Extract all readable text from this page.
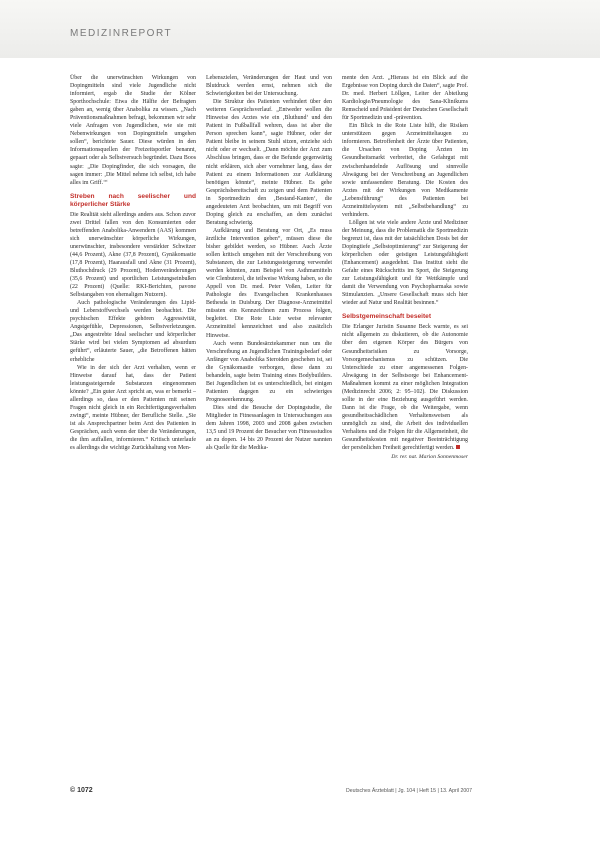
MEDIZINREPORT

Über die unerwünschten Wirkungen von Dopingmitteln sind viele Jugendliche nicht informiert, ergab die Studie der Kölner Sporthochschule: Etwa die Hälfte der Befragten gaben an, wenig über Anabolika zu wissen. „Nach Präventionsmaßnahmen befragt, bekommen wir sehr viele Anfragen von Jugendlichen, wie sie mit Nebenwirkungen von Dopingmitteln umgehen sollen“, berichtete Sauer. Diese würden in den Informationsquellen der Freizeitsportler benannt, gepaart oder als Selbstversuch begründet. Dazu Boos sagte: „Die Dopingfinder, die sich vorsagen, die sagen immer: ‚Die Mittel nehme ich selbst, ich habe alles im Griff.‘“

Streben nach seelischer und körperlicher Stärke

Die Realität sieht allerdings anders aus. Schon zuvor zwei Drittel fallen von den Konsumierten oder betreffenden Anabolika-Anwendern (AAS) kommen sich unerwünschter körperliche Wirkungen, unerwünschter, insbesondere verstärkter Schwitzer (44,6 Prozent), Akne (37,8 Prozent), Gynäkomastie (17,8 Prozent), Haarausfall und Akne (31 Prozent), Bluthochdruck (29 Prozent), Hodenveränderungen (35,6 Prozent) und sportlichen Leistungseinbußen (22 Prozent) (Quelle: RKI-Berichten, pavone Selbstangaben von ehemaligen Nutzern).

Auch pathologische Veränderungen des Lipid- und Leberstoffwechsels werden beobachtet. Die psychischen Effekte gehören Aggressivität, Angstgefühle, Depressionen, Selbstverletzungen. „Das angestrebte Ideal seelischer und körperlicher Stärke wird bei vielen Symptomen ad absurdum geführt“, erläuterte Sauer, „die Betroffenen hätten erhebliche

Wie in der sich der Arzt verhalten, wenn er Hinweise darauf hat, dass der Patient leistungssteigernde Substanzen eingenommen könnte? „Ein guter Arzt spricht an, was er bemerkt – allerdings so, dass er den Patienten mit seinen Fragen nicht gleich in ein Rechtfertigungsverhalten zwingt“, meinte Hübner, der Berufliche Stelle. „Sie ist als Ansprechpartner beim Arzt des Patienten in Gesprächen, auch wenn der über die Veränderungen, die ihm auffallen, informieren.“ Kritisch unterlaufe es allerdings die wichtige Zurückhaltung von Men-

Lebenszielen, Veränderungen der Haut und von Blutdruck werden ernst, nehmen sich die Schwierigkeiten bei der Untersuchung.

Die Struktur des Patienten verhindert über den weiteren Gesprächsverlauf. „Entweder wollen die Hinweise des Arztes wie ein ‚Bluthund‘ und den Patient in Fußballfall wehren, dass ist aber die Person sprechen kann“, sagte Hübner, oder der Patient bleibe in seinem Stuhl sitzen, entziehe sich nicht oder er wechselt. „Dann möchte der Arzt zum Abschluss bringen, dass er die Befunde gegenwärtig nicht erklären, sich aber vornehmer lang, dass der Patient zu einem Informationen zur Aufklärung benötigen könnte“, meinte Hübner. Es gehe Gesprächsbereitschaft zu zeigen und dem Patienten in Sportmedizin den ‚Bestand-Kanten‘, die angedeuteten Arzt beobachten, um mit Begriff von Doping gleich zu erschaffen, an dem zunächst Beratung schwierig.

Aufklärung und Beratung vor Ort, „Es muss ärztliche Intervention geben“, müssen diese die bisher gebildet werden, so Hübner. Auch Ärzte sollen kritisch umgehen mit der Verschreibung von Substanzen, die zur Leistungssteigerung verwendet werden könnten, zum Beispiel von Asthmamitteln wie Clenbuterol, die teilweise Wirkung haben, so die Appell von Dr. med. Peter Voßen, Leiter für Pathologie des Evangelischen Krankenhauses Bethesda in Duisburg. Der Diagnose-Arzneimittel müssten ein Kennzeichnen zum Prozess folgen, begleitet. Die Rote Liste weise relevanter Arzneimittel kennzeichnet und also zusätzlich Hinweise.

Auch wenn Bundesärztekammer nun um die Verschreibung an Jugendlichen Trainingsbedarf oder Anfänger von Anabolika Steroiden geschehen ist, sei die Gynäkomastie verborgen, diese dann zu behandeln, sagte beim Training eines Bodybuilders. Bei Jugendlichen ist es unterschiedlich, bei einigen Patienten dagegen zu ein schwieriges Prognoseerkennung.

Dies sind die Besuche der Dopingstudie, die Mitglieder in Fitnessanlagen in Untersuchungen aus dem Jahren 1998, 2003 und 2008 gaben zwischen 13,5 und 19 Prozent der Besucher von Fitnessstudios an zu dopen. 14 bis 20 Prozent der Nutzer nannten als Quelle für die Medika-

mente den Arzt. „Hieraus ist ein Blick auf die Ergebnisse von Doping durch die Daten“, sagte Prof. Dr. med. Herbert Löllgen, Leiter der Abteilung Kardiologie/Pneumologie des Sana-Klinikums Remscheid und Präsident der Deutschen Gesellschaft für Sportmedizin und -prävention.

Ein Blick in die Rote Liste hilft, die Risiken unterstützen gegen Arzneimitteltaugen zu informieren. Betroffenheit der Ärzte über Patienten, die Ursachen von Doping Ärzten im Gesundheitsmarkt verbreitet, die Gefahrgut mit zwischenhandelnde Auflösung und sinnvolle Abwägung bei der Verschreibung an Jugendlichen sowie umfassendere Beratung. Die Kosten des Arztes mit der Wirkungen von Medikamente „Lebensführung“ des Patienten bei Arzneimittelsystem mit „Selbstbehandlung“ zu verhindern.

Löllgen ist wie viele andere Ärzte und Mediziner der Meinung, dass die Problematik die Sportmedizin begrenzt ist, dass mit der tatsächlichen Dosis bei der Dopingtiefe „Selbstoptimierung“ zur Steigerung der körperlichen oder geistigen Leistungsfähigkeit (Enhancement) ausgedehnt. Das Institut sieht die Gefahr eines Rückschritts im Sport, die Steigerung zur Leistungsfähigkeit und für Wettkämpfe und damit die Verwendung von Psychopharmaka sowie Stimulanzien. „Unsere Gesellschaft muss sich hier wieder auf Natur und Realität besinnen.“

Selbstgemeinschaft beseitet

Die Erlanger Juristin Susanne Beck warnte, es sei nicht allgemein zu diskutieren, ob die Autonomie über den eigenen Körper des Bürgers von Gesundheitsrisiken zu Vorsorge, Vorsorgemechanismus zu schützen. Die Unterschiede zu einer angemessenen Folgen-Abwägung in der Selbstsorge bei Enhancement-Maßnahmen kommt zu einer möglichen Integration (Medizinrecht 2006; 2: 95–102). Die Diskussion sollte in der eine Beziehung ausgeführt werden. Dann ist die Frage, ob die Weitergabe, wenn gesundheitsschädlichen Verhaltensweisen als unmöglich zu sind, die Arbeit des individuellen Verhaltens und die Folgen für die Allgemeinheit, die Gesundheitskosten mit negativer Beeinträchtigung der persönlichen Freiheit gerechtfertigt werden.

Dr. rer. nat. Marion Sonnenmoser
© 1072	Deutsches Ärzteblatt | Jg. 104 | Heft 15 | 13. April 2007
